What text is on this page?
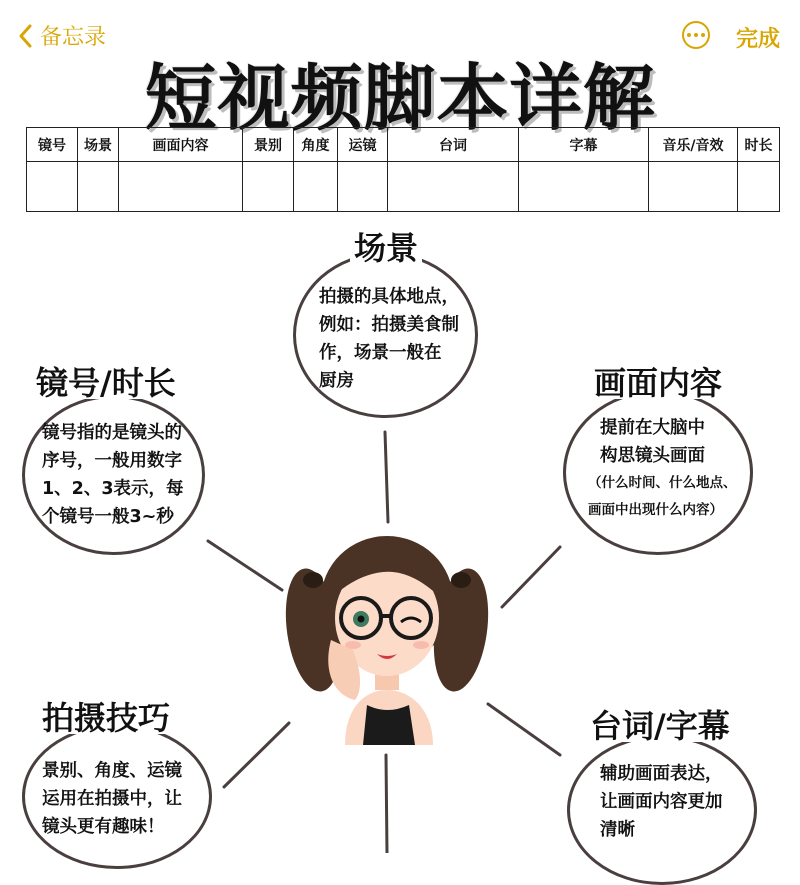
备忘录	完成
短视频脚本详解
镜号	场景	画面内容	景别	角度	运镜	台词	字幕	音乐/音效	时长

场景
拍摄的具体地点，
例如：拍摄美食制
作，场景一般在
厨房
镜号/时长
镜号指的是镜头的
序号，一般用数字
1、2、3表示，每
个镜号一般3~秒
画面内容
提前在大脑中
构思镜头画面
（什么时间、什么地点、
画面中出现什么内容）
拍摄技巧
景别、角度、运镜
运用在拍摄中，让
镜头更有趣味！
台词/字幕
辅助画面表达，
让画面内容更加
清晰
